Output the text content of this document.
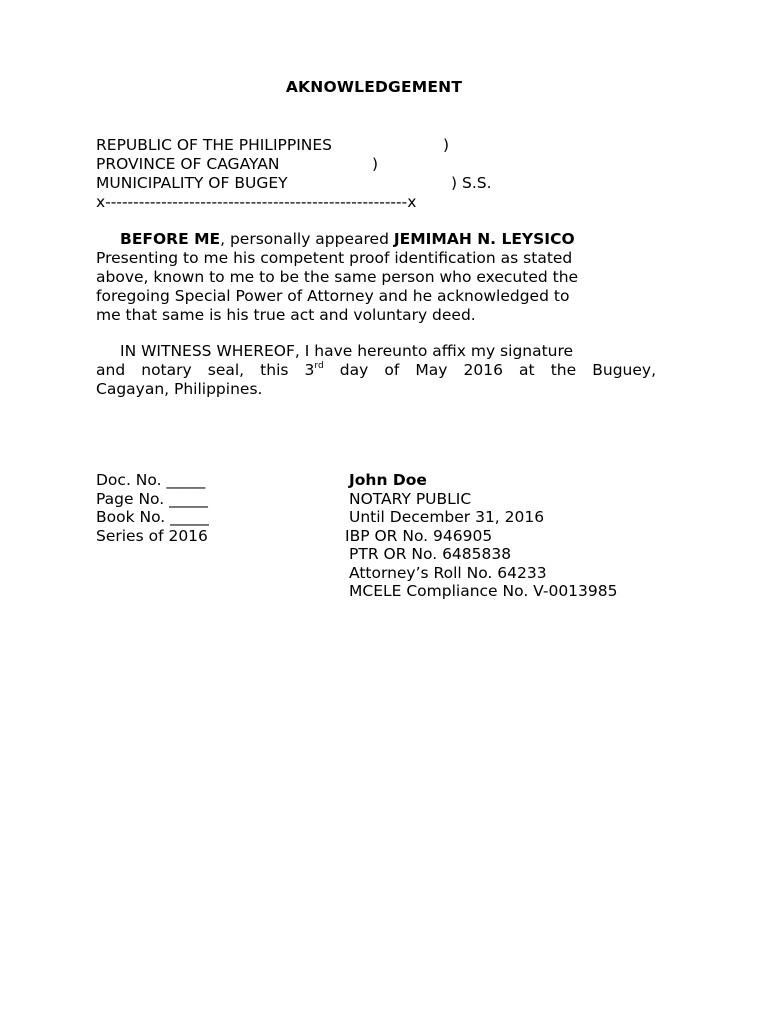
AKNOWLEDGEMENT
REPUBLIC OF THE PHILIPPINES	)
PROVINCE OF CAGAYAN	)
MUNICIPALITY OF BUGEY	) S.S.
x------------------------------------------------------x
BEFORE ME, personally appeared JEMIMAH N. LEYSICO
Presenting to me his competent proof identification as stated
above, known to me to be the same person who executed the
foregoing Special Power of Attorney and he acknowledged to
me that same is his true act and voluntary deed.
IN WITNESS WHEREOF, I have hereunto affix my signature
and notary seal, this 3rd day of May 2016 at the Buguey,
Cagayan, Philippines.
Doc. No. _____
Page No. _____
Book No. _____
Series of 2016
John Doe
NOTARY PUBLIC
Until December 31, 2016
IBP OR No. 946905
PTR OR No. 6485838
Attorney’s Roll No. 64233
MCELE Compliance No. V-0013985
